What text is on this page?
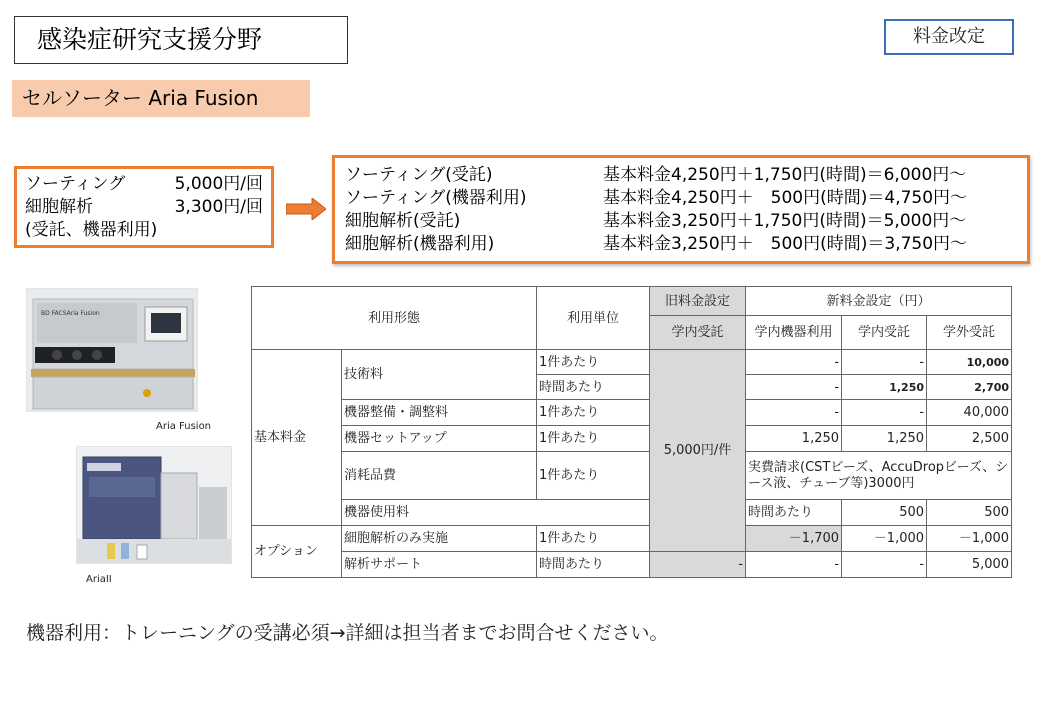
感染症研究支援分野	料金改定
セルソーター Aria Fusion
ソーティング	5,000円/回
細胞解析	3,300円/回
(受託、機器利用)
ソーティング(受託)	基本料金4,250円＋1,750円(時間)＝6,000円～
ソーティング(機器利用)	基本料金4,250円＋　500円(時間)＝4,750円～
細胞解析(受託)	基本料金3,250円＋1,750円(時間)＝5,000円～
細胞解析(機器利用)	基本料金3,250円＋　500円(時間)＝3,750円～
BD FACSAria Fusion
Aria Fusion
AriaII
利用形態		利用単位	旧料金設定	新料金設定（円）			
			学内受託	学内機器利用	学内受託	学外受託	
基本料金	技術料	1件あたり	5,000円/件	-	-	10,000	
		時間あたり		-	1,250	2,700	
	機器整備・調整料	1件あたり		-	-	40,000	
	機器セットアップ	1件あたり		1,250	1,250	2,500	
	消耗品費	1件あたり		実費請求(CSTビーズ、AccuDropビーズ、シース液、チューブ等)3000円			
	機器使用料			時間あたり	500	500	
オプション	細胞解析のみ実施	1件あたり		－1,700	－1,000	－1,000	
	解析サポート	時間あたり	-	-	-	5,000	
機器利用：トレーニングの受講必須→詳細は担当者までお問合せください。
